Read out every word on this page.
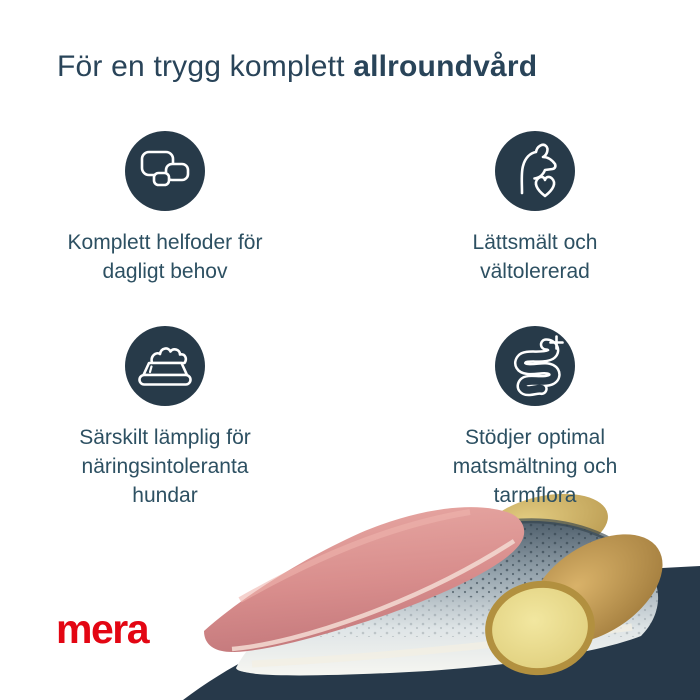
För en trygg komplett allroundvård
Komplett helfoder för
dagligt behov
Lättsmält och
vältolererad
Särskilt lämplig för
näringsintoleranta
hundar
Stödjer optimal
matsmältning och
tarmflora
mera
